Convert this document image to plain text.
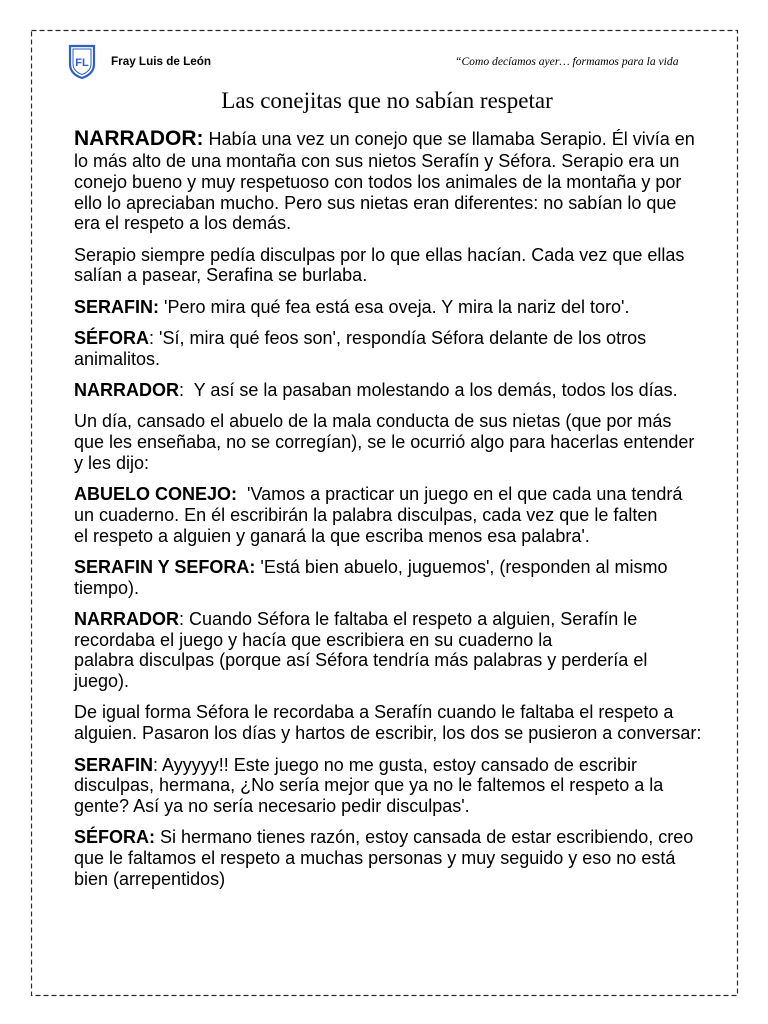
FL Fray Luis de León	“Como decíamos ayer… formamos para la vida
Las conejitas que no sabían respetar

NARRADOR: Había una vez un conejo que se llamaba Serapio. Él vivía en
lo más alto de una montaña con sus nietos Serafín y Séfora. Serapio era un
conejo bueno y muy respetuoso con todos los animales de la montaña y por
ello lo apreciaban mucho. Pero sus nietas eran diferentes: no sabían lo que
era el respeto a los demás.

Serapio siempre pedía disculpas por lo que ellas hacían. Cada vez que ellas
salían a pasear, Serafina se burlaba.

SERAFIN: 'Pero mira qué fea está esa oveja. Y mira la nariz del toro'.

SÉFORA: 'Sí, mira qué feos son', respondía Séfora delante de los otros
animalitos.

NARRADOR:  Y así se la pasaban molestando a los demás, todos los días.

Un día, cansado el abuelo de la mala conducta de sus nietas (que por más
que les enseñaba, no se corregían), se le ocurrió algo para hacerlas entender
y les dijo:

ABUELO CONEJO:  'Vamos a practicar un juego en el que cada una tendrá
un cuaderno. En él escribirán la palabra disculpas, cada vez que le falten
el respeto a alguien y ganará la que escriba menos esa palabra'.

SERAFIN Y SEFORA: 'Está bien abuelo, juguemos', (responden al mismo
tiempo).

NARRADOR: Cuando Séfora le faltaba el respeto a alguien, Serafín le
recordaba el juego y hacía que escribiera en su cuaderno la
palabra disculpas (porque así Séfora tendría más palabras y perdería el
juego).

De igual forma Séfora le recordaba a Serafín cuando le faltaba el respeto a
alguien. Pasaron los días y hartos de escribir, los dos se pusieron a conversar:

SERAFIN: Ayyyyy!! Este juego no me gusta, estoy cansado de escribir
disculpas, hermana, ¿No sería mejor que ya no le faltemos el respeto a la
gente? Así ya no sería necesario pedir disculpas'.

SÉFORA: Si hermano tienes razón, estoy cansada de estar escribiendo, creo
que le faltamos el respeto a muchas personas y muy seguido y eso no está
bien (arrepentidos)
